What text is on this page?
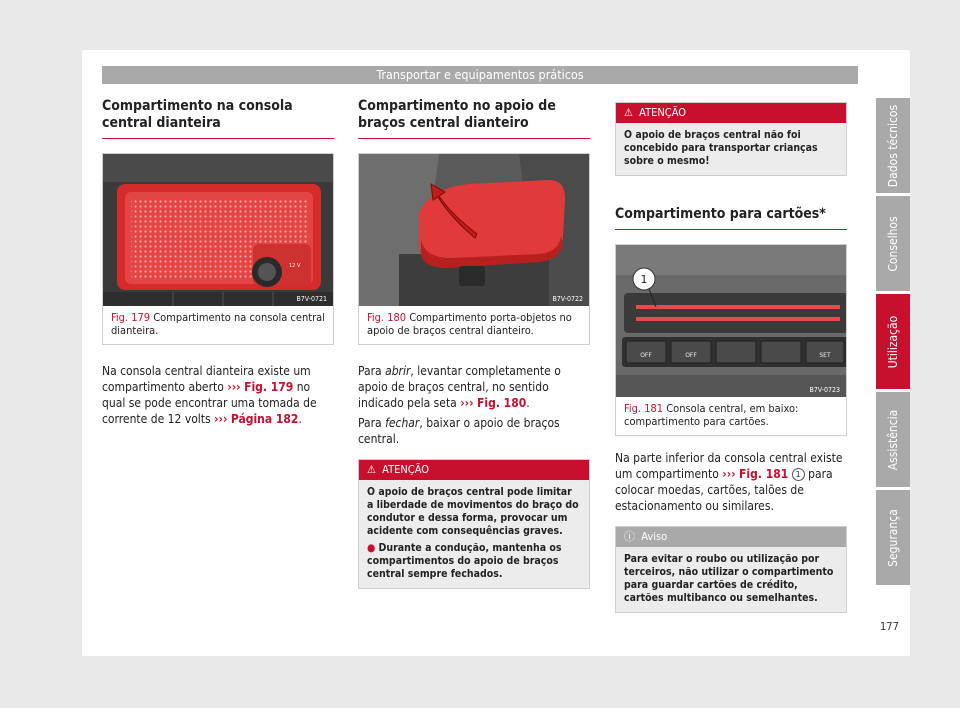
Transportar e equipamentos práticos
Compartimento na consola central dianteira
12 V
B7V-0721
Fig. 179 Compartimento na consola central dianteira.

Na consola central dianteira existe um compartimento aberto ››› Fig. 179 no qual se pode encontrar uma tomada de corrente de 12 volts ››› Página 182.

Compartimento no apoio de braços central dianteiro
B7V-0722
Fig. 180 Compartimento porta-objetos no apoio de braços central dianteiro.

Para abrir, levantar completamente o apoio de braços central, no sentido indicado pela seta ››› Fig. 180.

Para fechar, baixar o apoio de braços central.

⚠ ATENÇÃO
O apoio de braços central pode limitar a liberdade de movimentos do braço do condutor e dessa forma, provocar um acidente com consequências graves.
● Durante a condução, mantenha os compartimentos do apoio de braços central sempre fechados.
⚠ ATENÇÃO
O apoio de braços central não foi concebido para transportar crianças sobre o mesmo!
Compartimento para cartões*
1
OFF	OFF	SET
B7V-0723
Fig. 181 Consola central, em baixo: compartimento para cartões.

Na parte inferior da consola central existe um compartimento ››› Fig. 181 1 para colocar moedas, cartões, talões de estacionamento ou similares.

ⓘ Aviso
Para evitar o roubo ou utilização por terceiros, não utilizar o compartimento para guardar cartões de crédito, cartões multibanco ou semelhantes.
Dados técnicos
Conselhos
Utilização
Assistência
Segurança
177
